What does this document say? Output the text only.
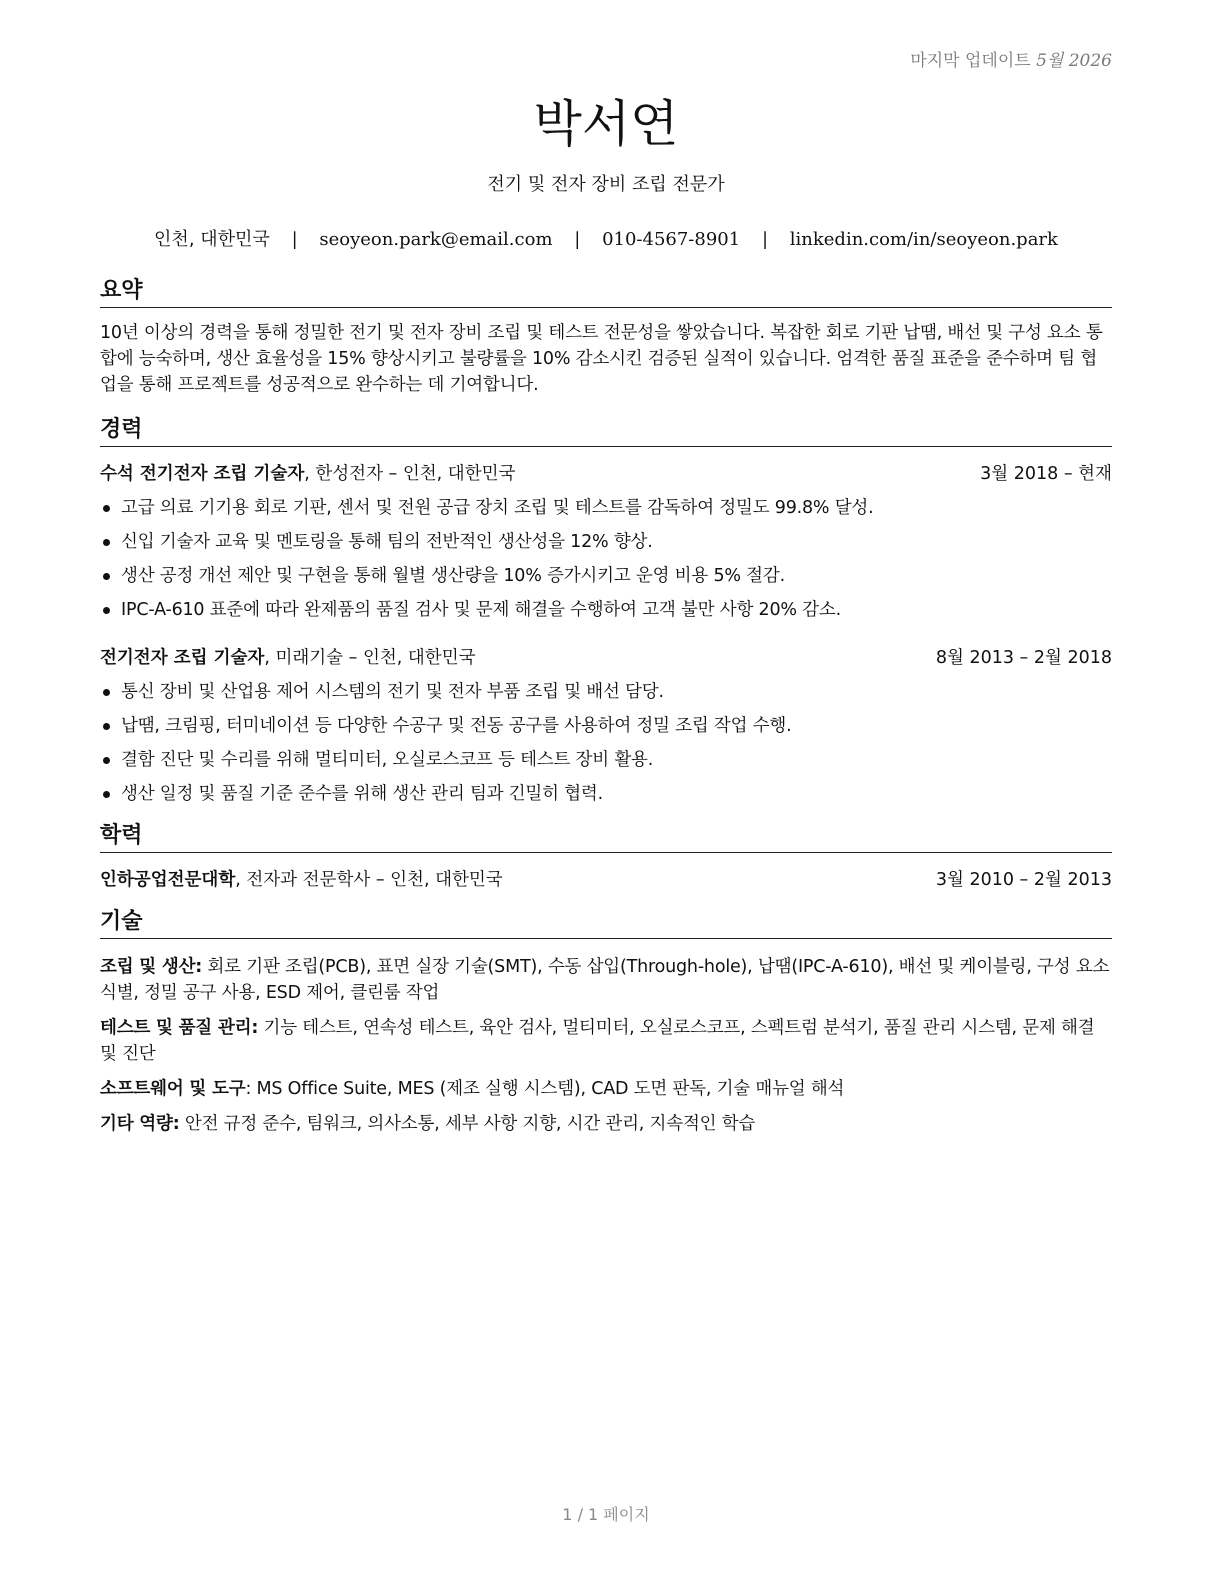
마지막 업데이트 5월 2026
박서연
전기 및 전자 장비 조립 전문가
인천, 대한민국 | seoyeon.park@email.com | 010-4567-8901 | linkedin.com/in/seoyeon.park
요약

10년 이상의 경력을 통해 정밀한 전기 및 전자 장비 조립 및 테스트 전문성을 쌓았습니다. 복잡한 회로 기판 납땜, 배선 및 구성 요소 통합에 능숙하며, 생산 효율성을 15% 향상시키고 불량률을 10% 감소시킨 검증된 실적이 있습니다. 엄격한 품질 표준을 준수하며 팀 협업을 통해 프로젝트를 성공적으로 완수하는 데 기여합니다.

경력
수석 전기전자 조립 기술자, 한성전자 – 인천, 대한민국	3월 2018 – 현재
고급 의료 기기용 회로 기판, 센서 및 전원 공급 장치 조립 및 테스트를 감독하여 정밀도 99.8% 달성.
신입 기술자 교육 및 멘토링을 통해 팀의 전반적인 생산성을 12% 향상.
생산 공정 개선 제안 및 구현을 통해 월별 생산량을 10% 증가시키고 운영 비용 5% 절감.
IPC-A-610 표준에 따라 완제품의 품질 검사 및 문제 해결을 수행하여 고객 불만 사항 20% 감소.
전기전자 조립 기술자, 미래기술 – 인천, 대한민국	8월 2013 – 2월 2018
통신 장비 및 산업용 제어 시스템의 전기 및 전자 부품 조립 및 배선 담당.
납땜, 크림핑, 터미네이션 등 다양한 수공구 및 전동 공구를 사용하여 정밀 조립 작업 수행.
결함 진단 및 수리를 위해 멀티미터, 오실로스코프 등 테스트 장비 활용.
생산 일정 및 품질 기준 준수를 위해 생산 관리 팀과 긴밀히 협력.
학력
인하공업전문대학, 전자과 전문학사 – 인천, 대한민국	3월 2010 – 2월 2013
기술

조립 및 생산: 회로 기판 조립(PCB), 표면 실장 기술(SMT), 수동 삽입(Through-hole), 납땜(IPC-A-610), 배선 및 케이블링, 구성 요소 식별, 정밀 공구 사용, ESD 제어, 클린룸 작업

테스트 및 품질 관리: 기능 테스트, 연속성 테스트, 육안 검사, 멀티미터, 오실로스코프, 스펙트럼 분석기, 품질 관리 시스템, 문제 해결 및 진단

소프트웨어 및 도구: MS Office Suite, MES (제조 실행 시스템), CAD 도면 판독, 기술 매뉴얼 해석

기타 역량: 안전 규정 준수, 팀워크, 의사소통, 세부 사항 지향, 시간 관리, 지속적인 학습

1 / 1 페이지
